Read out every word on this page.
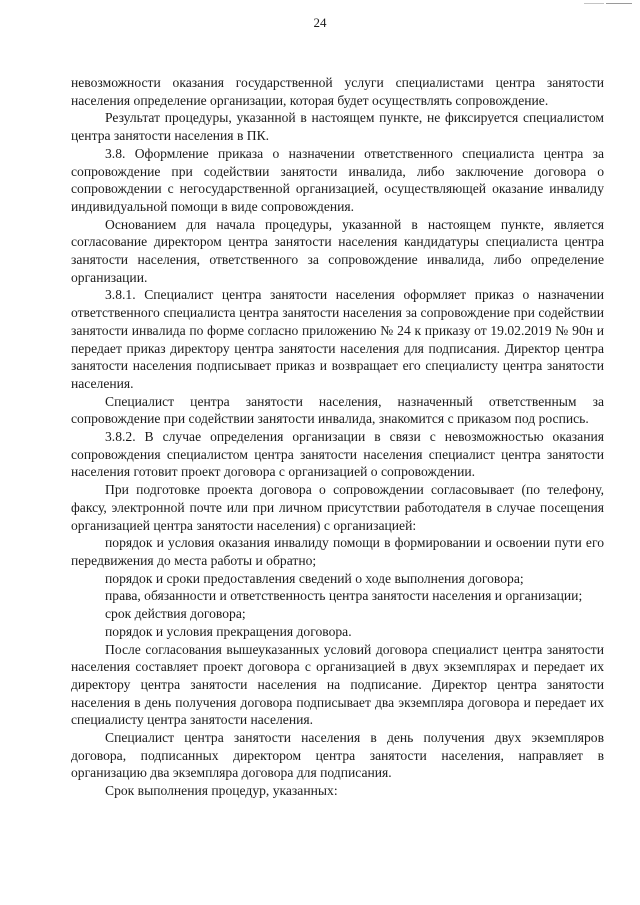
24

невозможности оказания государственной услуги специалистами центра занятости населения определение организации, которая будет осуществлять сопровождение.

Результат процедуры, указанной в настоящем пункте, не фиксируется специалистом центра занятости населения в ПК.

3.8. Оформление приказа о назначении ответственного специалиста центра за сопровождение при содействии занятости инвалида, либо заключение договора о сопровождении с негосударственной организацией, осуществляющей оказание инвалиду индивидуальной помощи в виде сопровождения.

Основанием для начала процедуры, указанной в настоящем пункте, является согласование директором центра занятости населения кандидатуры специалиста центра занятости населения, ответственного за сопровождение инвалида, либо определение организации.

3.8.1. Специалист центра занятости населения оформляет приказ о назначении ответственного специалиста центра занятости населения за сопровождение при содействии занятости инвалида по форме согласно приложению № 24 к приказу от 19.02.2019 № 90н и передает приказ директору центра занятости населения для подписания. Директор центра занятости населения подписывает приказ и возвращает его специалисту центра занятости населения.

Специалист центра занятости населения, назначенный ответственным за сопровождение при содействии занятости инвалида, знакомится с приказом под роспись.

3.8.2. В случае определения организации в связи с невозможностью оказания сопровождения специалистом центра занятости населения специалист центра занятости населения готовит проект договора с организацией о сопровождении.

При подготовке проекта договора о сопровождении согласовывает (по телефону, факсу, электронной почте или при личном присутствии работодателя в случае посещения организацией центра занятости населения) с организацией:

порядок и условия оказания инвалиду помощи в формировании и освоении пути его передвижения до места работы и обратно;

порядок и сроки предоставления сведений о ходе выполнения договора;

права, обязанности и ответственность центра занятости населения и организации;

срок действия договора;

порядок и условия прекращения договора.

После согласования вышеуказанных условий договора специалист центра занятости населения составляет проект договора с организацией в двух экземплярах и передает их директору центра занятости населения на подписание. Директор центра занятости населения в день получения договора подписывает два экземпляра договора и передает их специалисту центра занятости населения.

Специалист центра занятости населения в день получения двух экземпляров договора, подписанных директором центра занятости населения, направляет в организацию два экземпляра договора для подписания.

Срок выполнения процедур, указанных:
